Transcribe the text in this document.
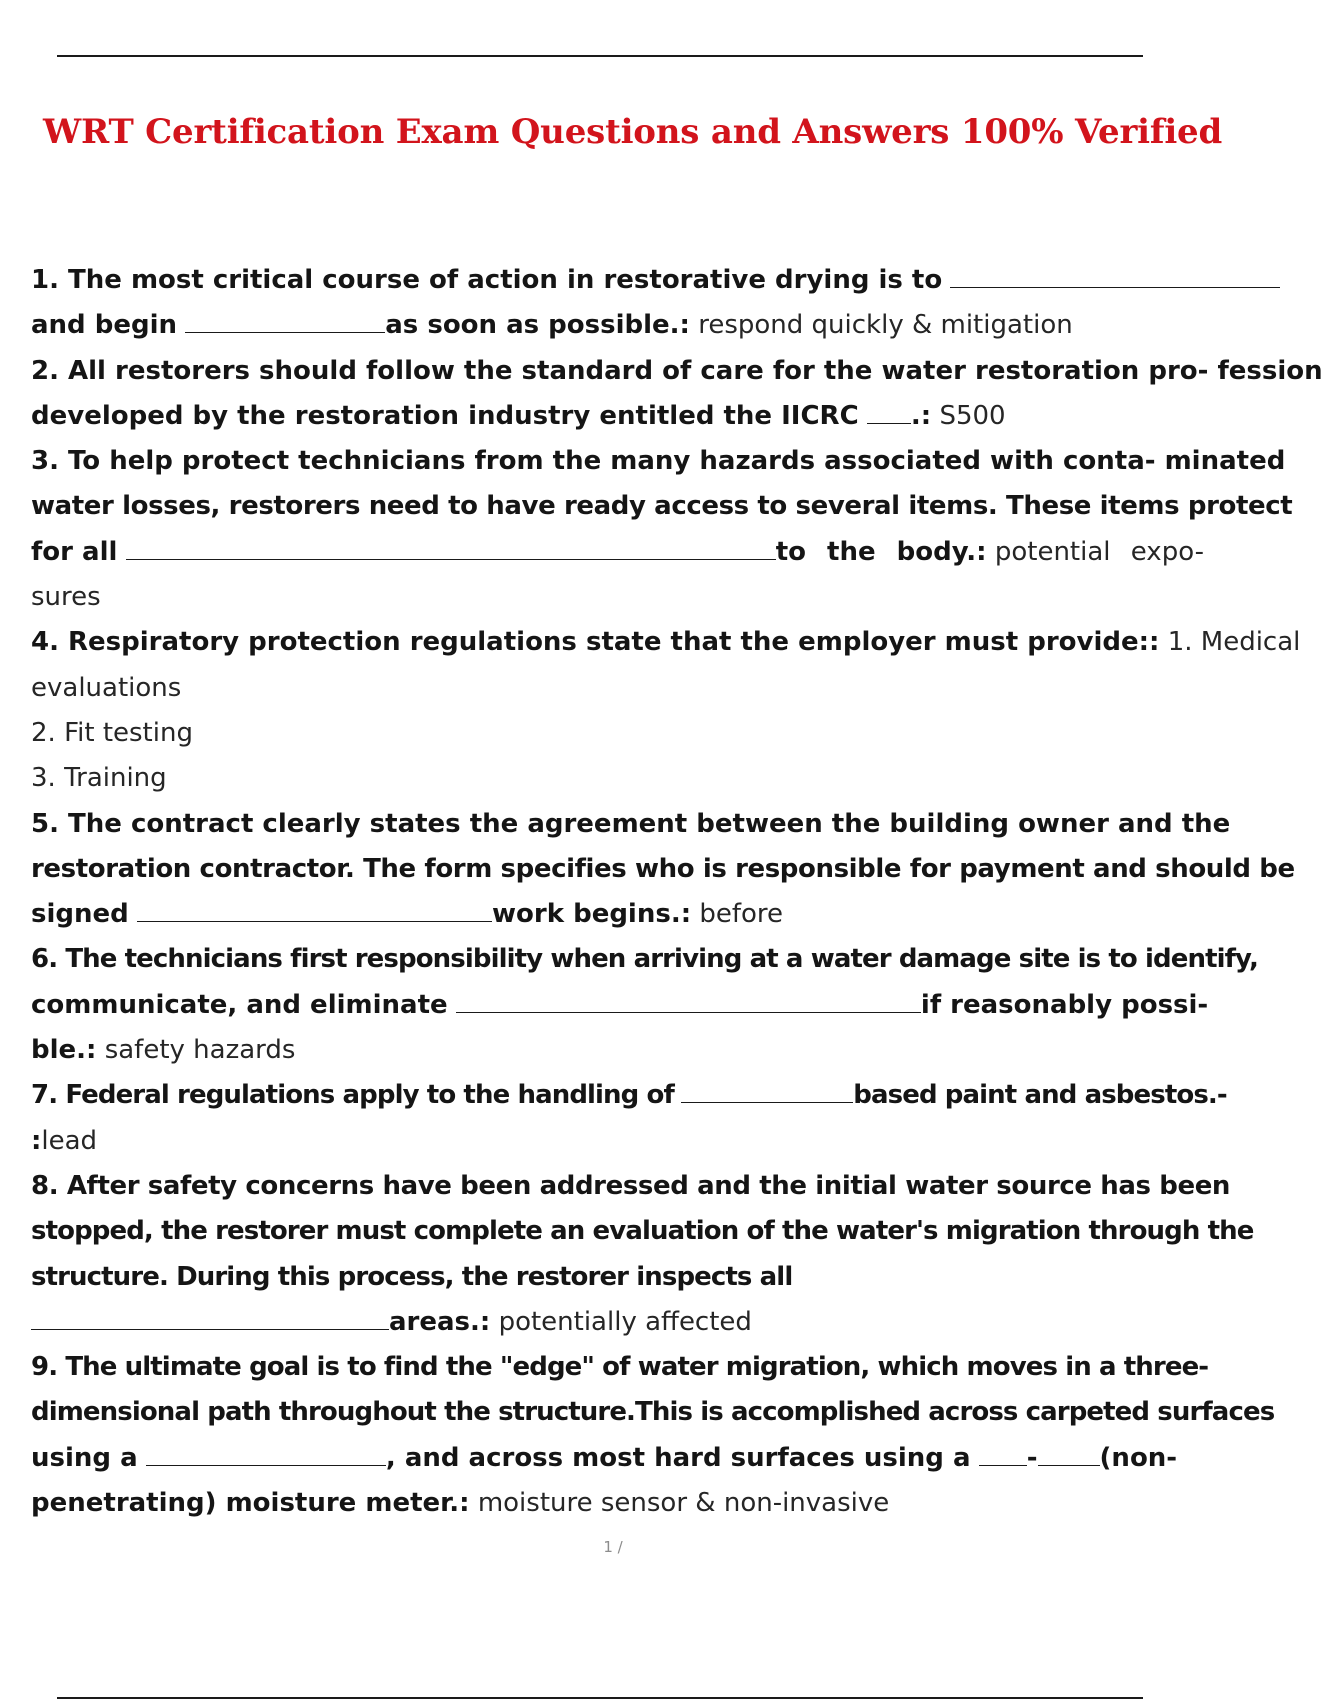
WRT Certification Exam Questions and Answers 100% Verified
1. The most critical course of action in restorative drying is to
and begin	as soon as possible.: respond quickly & mitigation
2. All restorers should follow the standard of care for the water restoration pro- fession
developed by the restoration industry entitled the IICRC .: S500
3. To help protect technicians from the many hazards associated with conta- minated
water losses, restorers need to have ready access to several items. These items protect
for all	to the body.: potential expo-
sures
4. Respiratory protection regulations state that the employer must provide:: 1. Medical
evaluations
2. Fit testing
3. Training
5. The contract clearly states the agreement between the building owner and the
restoration contractor. The form specifies who is responsible for payment and should be
signed	work begins.: before
6. The technicians first responsibility when arriving at a water damage site is to identify,
communicate, and eliminate	if reasonably possi-
ble.: safety hazards
7. Federal regulations apply to the handling of	based paint and asbestos.-
:lead
8. After safety concerns have been addressed and the initial water source has been
stopped, the restorer must complete an evaluation of the water's migration through the
structure. During this process, the restorer inspects all
areas.: potentially affected
9. The ultimate goal is to find the "edge" of water migration, which moves in a three-
dimensional path throughout the structure.This is accomplished across carpeted surfaces
using a	, and across most hard surfaces using a - (non-
penetrating) moisture meter.: moisture sensor & non-invasive
1 /
